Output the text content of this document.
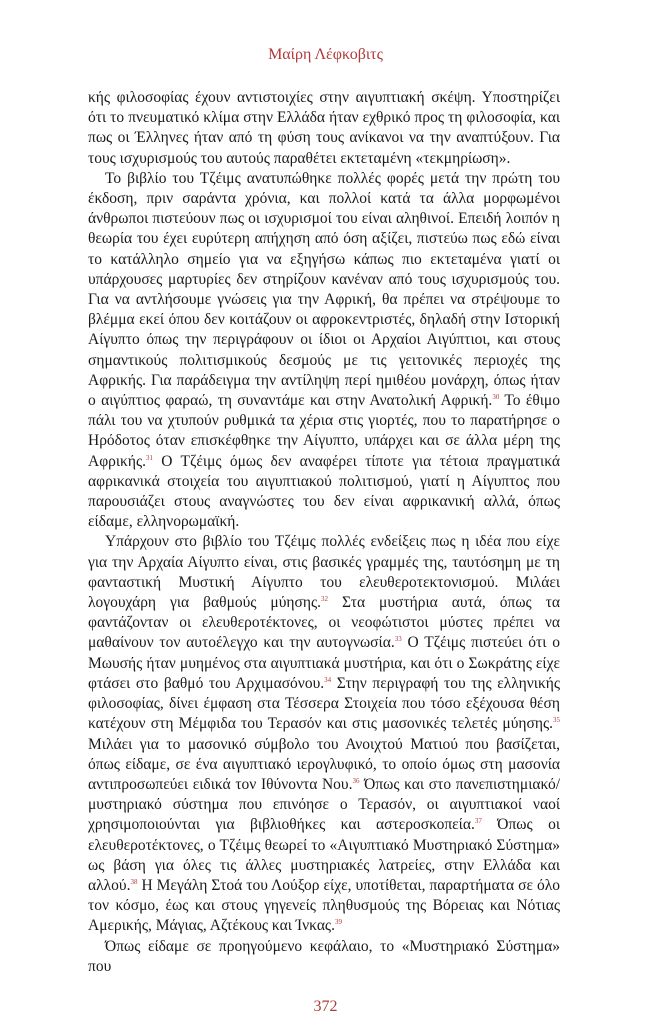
Μαίρη Λέφκοβιτς

κής φιλοσοφίας έχουν αντιστοιχίες στην αιγυπτιακή σκέψη. Υποστηρίζει ότι το πνευματικό κλίμα στην Ελλάδα ήταν εχθρικό προς τη φιλοσοφία, και πως οι Έλληνες ήταν από τη φύση τους ανίκανοι να την αναπτύξουν. Για τους ισχυρισμούς του αυτούς παραθέτει εκτεταμένη «τεκμηρίωση».

Το βιβλίο του Τζέιμς ανατυπώθηκε πολλές φορές μετά την πρώτη του έκδοση, πριν σαράντα χρόνια, και πολλοί κατά τα άλλα μορφωμένοι άνθρωποι πιστεύουν πως οι ισχυρισμοί του είναι αληθινοί. Επειδή λοιπόν η θεωρία του έχει ευρύτερη απήχηση από όση αξίζει, πιστεύω πως εδώ είναι το κατάλληλο σημείο για να εξηγήσω κάπως πιο εκτεταμένα γιατί οι υπάρχουσες μαρτυρίες δεν στηρίζουν κανέναν από τους ισχυρισμούς του. Για να αντλήσουμε γνώσεις για την Αφρική, θα πρέπει να στρέψουμε το βλέμμα εκεί όπου δεν κοιτάζουν οι αφροκεντριστές, δηλαδή στην Ιστορική Αίγυπτο όπως την περιγράφουν οι ίδιοι οι Αρχαίοι Αιγύπτιοι, και στους σημαντικούς πολιτισμικούς δεσμούς με τις γειτονικές περιοχές της Αφρικής. Για παράδειγμα την αντίληψη περί ημιθέου μονάρχη, όπως ήταν ο αιγύπτιος φαραώ, τη συναντάμε και στην Ανατολική Αφρική.$^{30}$ Το έθιμο πάλι του να χτυπούν ρυθμικά τα χέρια στις γιορτές, που το παρατήρησε ο Ηρόδοτος όταν επισκέφθηκε την Αίγυπτο, υπάρχει και σε άλλα μέρη της Αφρικής.$^{31}$ Ο Τζέιμς όμως δεν αναφέρει τίποτε για τέτοια πραγματικά αφρικανικά στοιχεία του αιγυπτιακού πολιτισμού, γιατί η Αίγυπτος που παρουσιάζει στους αναγνώστες του δεν είναι αφρικανική αλλά, όπως είδαμε, ελληνορωμαϊκή.

Υπάρχουν στο βιβλίο του Τζέιμς πολλές ενδείξεις πως η ιδέα που είχε για την Αρχαία Αίγυπτο είναι, στις βασικές γραμμές της, ταυτόσημη με τη φανταστική Μυστική Αίγυπτο του ελευθεροτεκτονισμού. Μιλάει λογουχάρη για βαθμούς μύησης.$^{32}$ Στα μυστήρια αυτά, όπως τα φαντάζονταν οι ελευθεροτέκτονες, οι νεοφώτιστοι μύστες πρέπει να μαθαίνουν τον αυτοέλεγχο και την αυτογνωσία.$^{33}$ Ο Τζέιμς πιστεύει ότι ο Μωυσής ήταν μυημένος στα αιγυπτιακά μυστήρια, και ότι ο Σωκράτης είχε φτάσει στο βαθμό του Αρχιμασόνου.$^{34}$ Στην περιγραφή του της ελληνικής φιλοσοφίας, δίνει έμφαση στα Τέσσερα Στοιχεία που τόσο εξέχουσα θέση κατέχουν στη Μέμφιδα του Τερασόν και στις μασονικές τελετές μύησης.$^{35}$ Μιλάει για το μασονικό σύμβολο του Ανοιχτού Ματιού που βασίζεται, όπως είδαμε, σε ένα αιγυπτιακό ιερογλυφικό, το οποίο όμως στη μασονία αντιπροσωπεύει ειδικά τον Ιθύνοντα Νου.$^{36}$ Όπως και στο πανεπιστημιακό/μυστηριακό σύστημα που επινόησε ο Τερασόν, οι αιγυπτιακοί ναοί χρησιμοποιούνται για βιβλιοθήκες και αστεροσκοπεία.$^{37}$ Όπως οι ελευθεροτέκτονες, ο Τζέιμς θεωρεί το «Αιγυπτιακό Μυστηριακό Σύστημα» ως βάση για όλες τις άλλες μυστηριακές λατρείες, στην Ελλάδα και αλλού.$^{38}$ Η Μεγάλη Στοά του Λούξορ είχε, υποτίθεται, παραρτήματα σε όλο τον κόσμο, έως και στους γηγενείς πληθυσμούς της Βόρειας και Νότιας Αμερικής, Μάγιας, Αζτέκους και Ίνκας.$^{39}$

Όπως είδαμε σε προηγούμενο κεφάλαιο, το «Μυστηριακό Σύστημα» που

372
